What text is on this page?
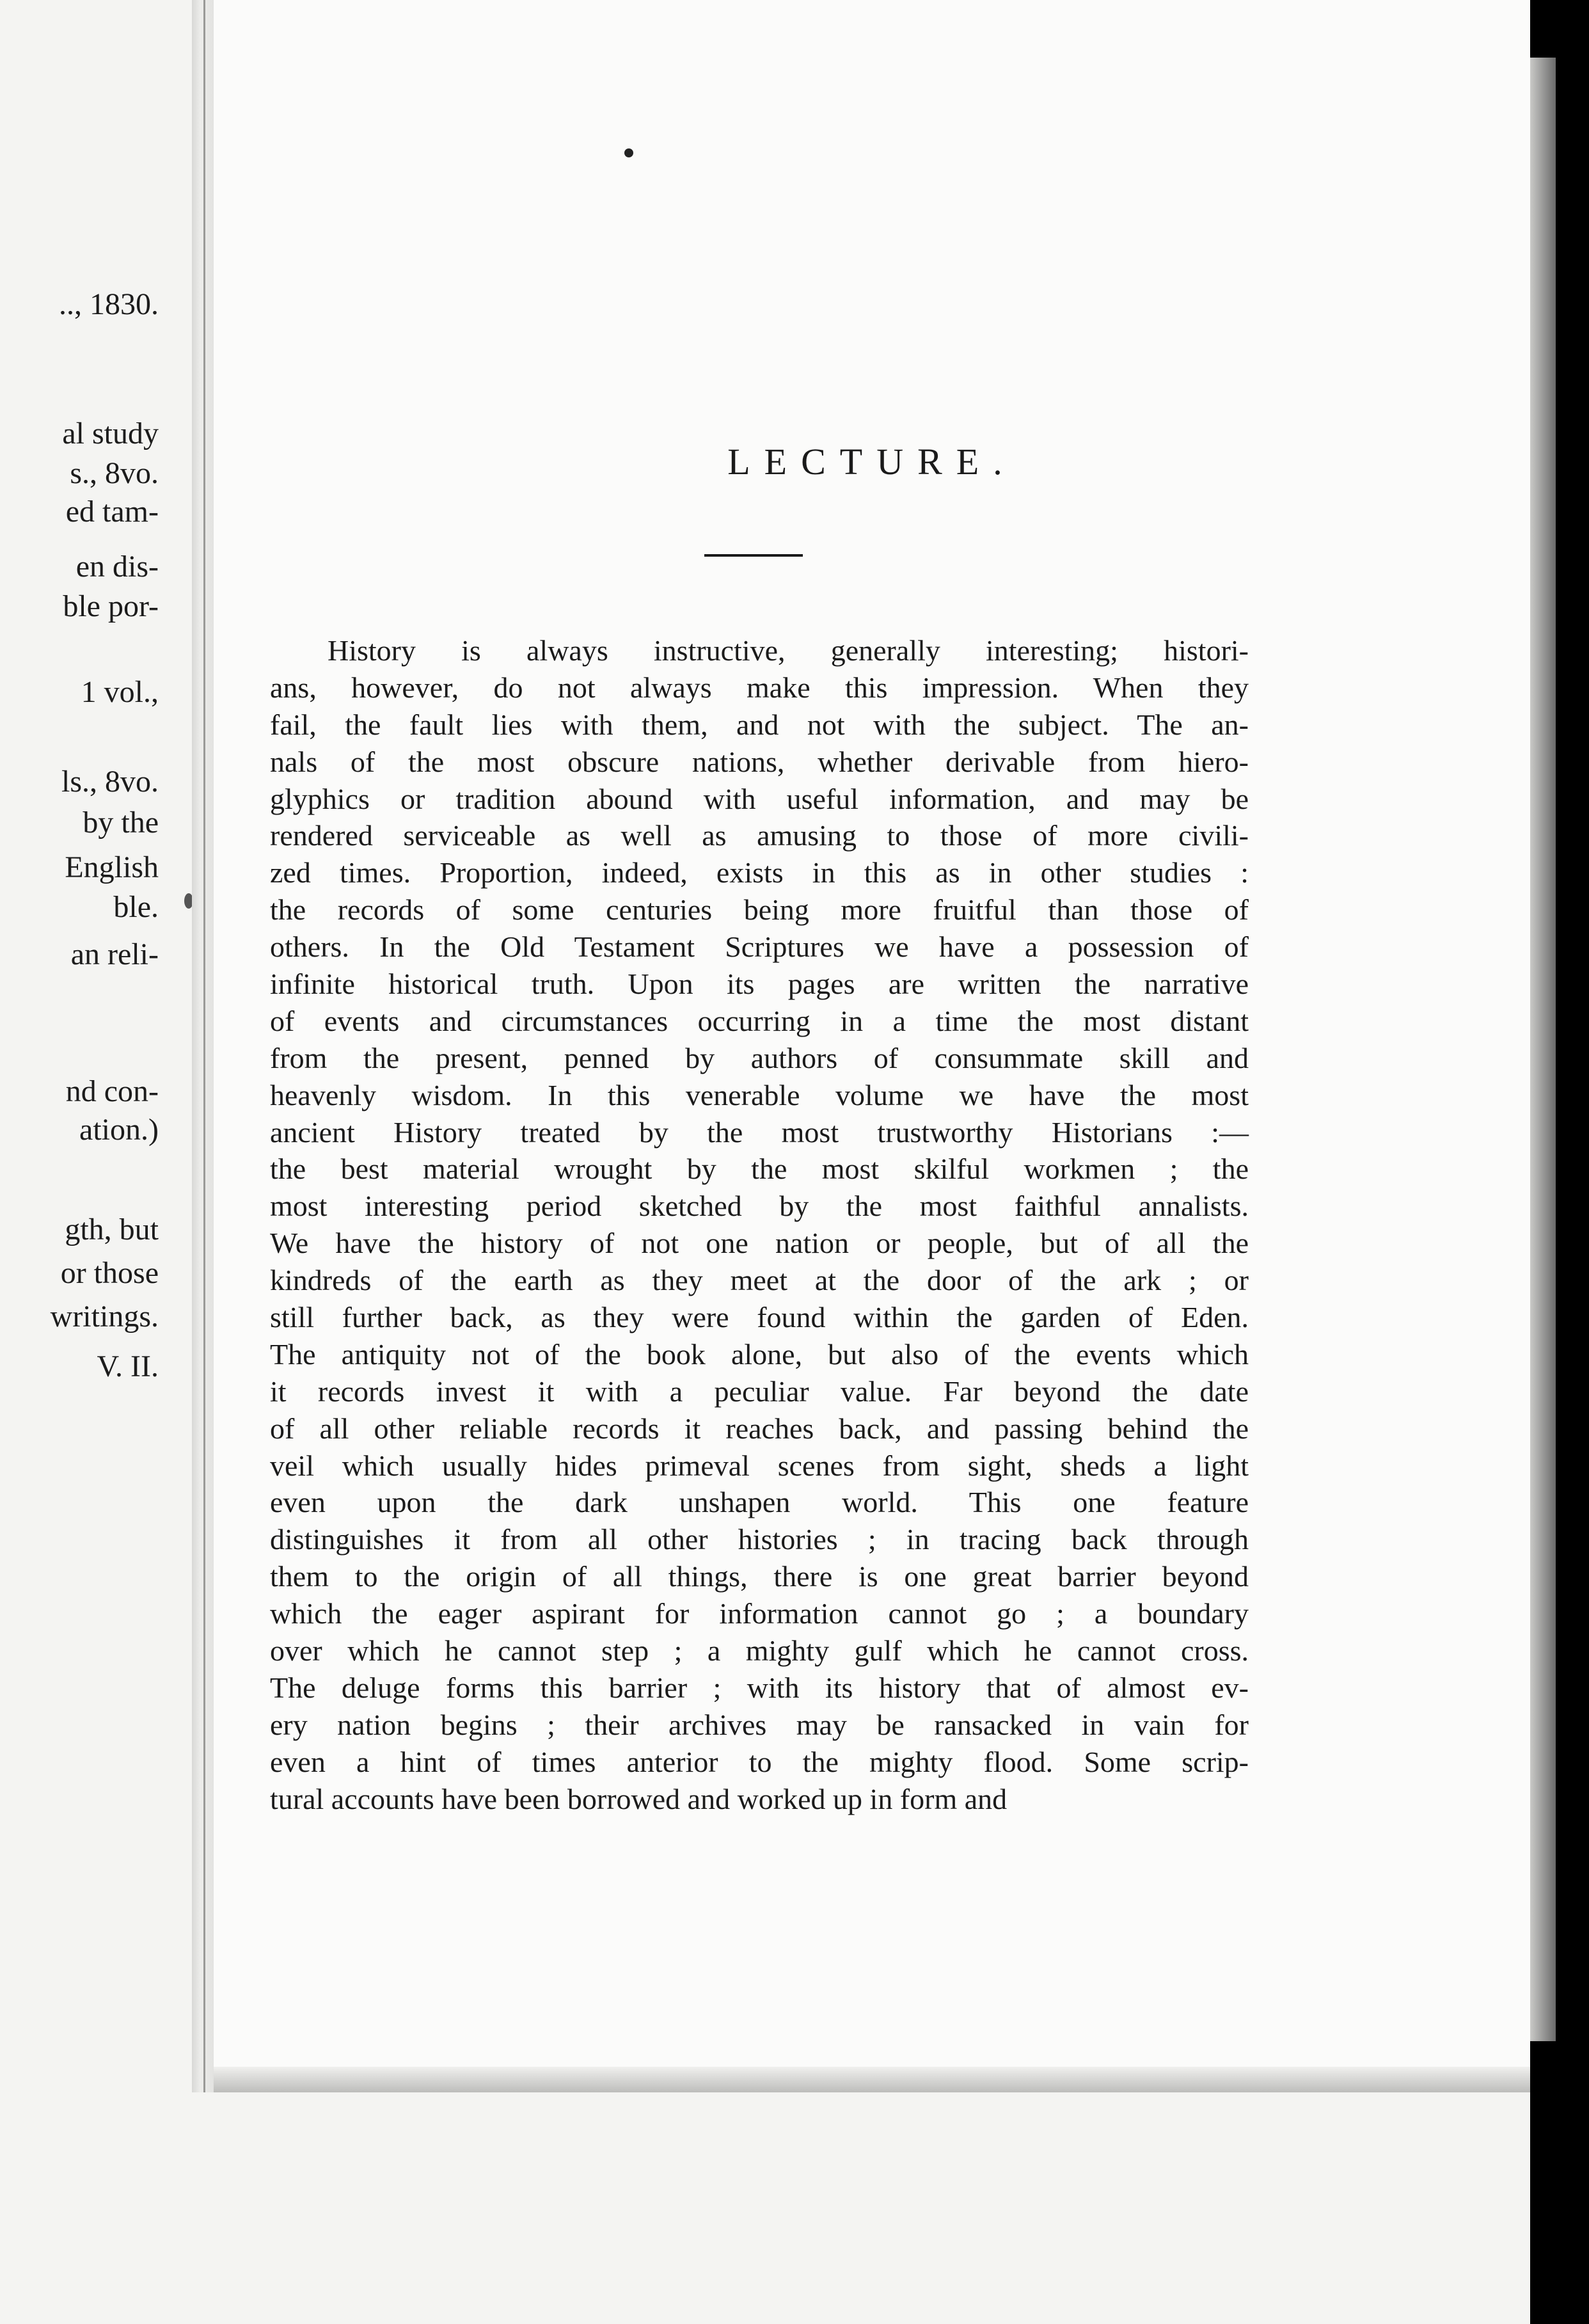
.., 1830.
al study
s., 8vo.
ed tam-
en dis-
ble por-
1 vol.,
ls., 8vo.
by the
English
ble.
an reli-
nd con-
ation.)
gth, but
or those
writings.
V. II.
LECTURE.
History is always instructive, generally interesting; histori-
ans, however, do not always make this impression. When they
fail, the fault lies with them, and not with the subject. The an-
nals of the most obscure nations, whether derivable from hiero-
glyphics or tradition abound with useful information, and may be
rendered serviceable as well as amusing to those of more civili-
zed times. Proportion, indeed, exists in this as in other studies :
the records of some centuries being more fruitful than those of
others. In the Old Testament Scriptures we have a possession of
infinite historical truth. Upon its pages are written the narrative
of events and circumstances occurring in a time the most distant
from the present, penned by authors of consummate skill and
heavenly wisdom. In this venerable volume we have the most
ancient History treated by the most trustworthy Historians :—
the best material wrought by the most skilful workmen ; the
most interesting period sketched by the most faithful annalists.
We have the history of not one nation or people, but of all the
kindreds of the earth as they meet at the door of the ark ; or
still further back, as they were found within the garden of Eden.
The antiquity not of the book alone, but also of the events which
it records invest it with a peculiar value. Far beyond the date
of all other reliable records it reaches back, and passing behind the
veil which usually hides primeval scenes from sight, sheds a light
even upon the dark unshapen world. This one feature
distinguishes it from all other histories ; in tracing back through
them to the origin of all things, there is one great barrier beyond
which the eager aspirant for information cannot go ; a boundary
over which he cannot step ; a mighty gulf which he cannot cross.
The deluge forms this barrier ; with its history that of almost ev-
ery nation begins ; their archives may be ransacked in vain for
even a hint of times anterior to the mighty flood. Some scrip-
tural accounts have been borrowed and worked up in form and
